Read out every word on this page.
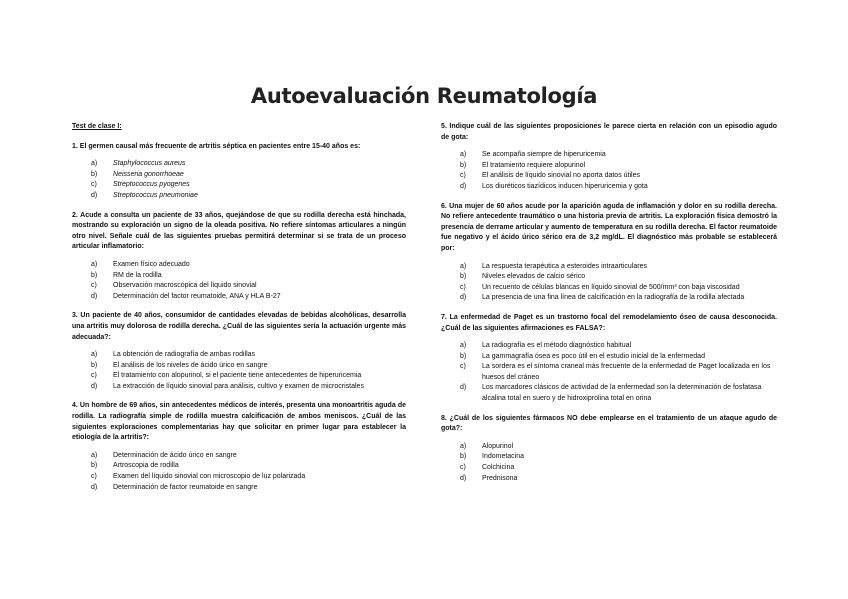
Autoevaluación Reumatología
Test de clase I:
1. El germen causal más frecuente de artritis séptica en pacientes entre 15-40 años es:
a)	Staphylococcus aureus
b)	Neisseria gonorrhoeae
c)	Streptococcus pyogenes
d)	Streptococcus pneumoniae
2. Acude a consulta un paciente de 33 años, quejándose de que su rodilla derecha está hinchada, mostrando su exploración un signo de la oleada positiva. No refiere síntomas articulares a ningún otro nivel. Señale cuál de las siguientes pruebas permitirá determinar si se trata de un proceso articular inflamatorio:
a)	Examen físico adecuado
b)	RM de la rodilla
c)	Observación macroscópica del líquido sinovial
d)	Determinación del factor reumatoide, ANA y HLA B-27
3. Un paciente de 40 años, consumidor de cantidades elevadas de bebidas alcohólicas, desarrolla una artritis muy dolorosa de rodilla derecha. ¿Cuál de las siguientes sería la actuación urgente más adecuada?:
a)	La obtención de radiografía de ambas rodillas
b)	El análisis de los niveles de ácido úrico en sangre
c)	El tratamiento con alopurinol, si el paciente tiene antecedentes de hiperuricemia
d)	La extracción de líquido sinovial para análisis, cultivo y examen de microcristales
4. Un hombre de 69 años, sin antecedentes médicos de interés, presenta una monoartritis aguda de rodilla. La radiografía simple de rodilla muestra calcificación de ambos meniscos. ¿Cuál de las siguientes exploraciones complementarias hay que solicitar en primer lugar para establecer la etiología de la artritis?:
a)	Determinación de ácido úrico en sangre
b)	Artroscopia de rodilla
c)	Examen del líquido sinovial con microscopio de luz polarizada
d)	Determinación de factor reumatoide en sangre
5. Indique cuál de las siguientes proposiciones le parece cierta en relación con un episodio agudo de gota:
a)	Se acompaña siempre de hiperuricemia
b)	El tratamiento requiere alopurinol
c)	El análisis de líquido sinovial no aporta datos útiles
d)	Los diuréticos tiazídicos inducen hiperuricemia y gota
6. Una mujer de 60 años acude por la aparición aguda de inflamación y dolor en su rodilla derecha. No refiere antecedente traumático o una historia previa de artritis. La exploración física demostró la presencia de derrame articular y aumento de temperatura en su rodilla derecha. El factor reumatoide fue negativo y el ácido úrico sérico era de 3,2 mg/dL. El diagnóstico más probable se establecerá por:
a)	La respuesta terapéutica a esteroides intraarticulares
b)	Niveles elevados de calcio sérico
c)	Un recuento de células blancas en líquido sinovial de 500/mm³ con baja viscosidad
d)	La presencia de una fina línea de calcificación en la radiografía de la rodilla afectada
7. La enfermedad de Paget es un trastorno focal del remodelamiento óseo de causa desconocida. ¿Cuál de las siguientes afirmaciones es FALSA?:
a)	La radiografía es el método diagnóstico habitual
b)	La gammagrafía ósea es poco útil en el estudio inicial de la enfermedad
c)	La sordera es el síntoma craneal más frecuente de la enfermedad de Paget localizada en los huesos del cráneo
d)	Los marcadores clásicos de actividad de la enfermedad son la determinación de fosfatasa alcalina total en suero y de hidroxiprolina total en orina
8. ¿Cuál de los siguientes fármacos NO debe emplearse en el tratamiento de un ataque agudo de gota?:
a)	Alopurinol
b)	Indometacina
c)	Colchicina
d)	Prednisona
